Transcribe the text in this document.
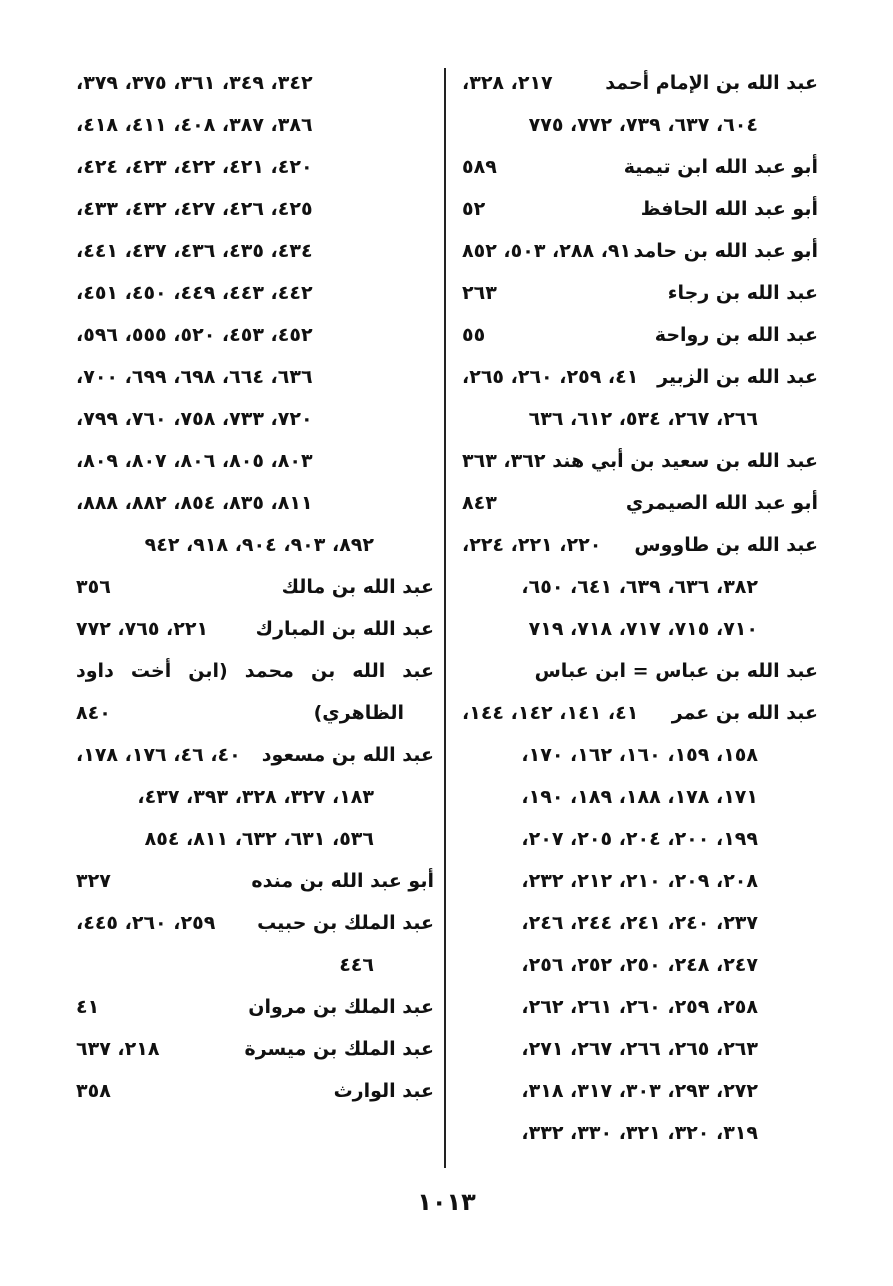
عبد الله بن الإمام أحمد
٢١٧، ٣٢٨،
٦٠٤، ٦٣٧، ٧٣٩، ٧٧٢، ٧٧٥
أبو عبد الله ابن تيمية
٥٨٩
أبو عبد الله الحافظ
٥٢
أبو عبد الله بن حامد
٩١، ٢٨٨، ٥٠٣، ٨٥٢
عبد الله بن رجاء
٢٦٣
عبد الله بن رواحة
٥٥
عبد الله بن الزبير
٤١، ٢٥٩، ٢٦٠، ٢٦٥،
٢٦٦، ٢٦٧، ٥٣٤، ٦١٢، ٦٣٦
عبد الله بن سعيد بن أبي هند
٣٦٢، ٣٦٣
أبو عبد الله الصيمري
٨٤٣
عبد الله بن طاووس
٢٢٠، ٢٢١، ٢٢٤،
٣٨٢، ٦٣٦، ٦٣٩، ٦٤١، ٦٥٠،
٧١٠، ٧١٥، ٧١٧، ٧١٨، ٧١٩
عبد الله بن عباس = ابن عباس
عبد الله بن عمر
٤١، ١٤١، ١٤٢، ١٤٤،
١٥٨، ١٥٩، ١٦٠، ١٦٢، ١٧٠،
١٧١، ١٧٨، ١٨٨، ١٨٩، ١٩٠،
١٩٩، ٢٠٠، ٢٠٤، ٢٠٥، ٢٠٧،
٢٠٨، ٢٠٩، ٢١٠، ٢١٢، ٢٣٢،
٢٣٧، ٢٤٠، ٢٤١، ٢٤٤، ٢٤٦،
٢٤٧، ٢٤٨، ٢٥٠، ٢٥٢، ٢٥٦،
٢٥٨، ٢٥٩، ٢٦٠، ٢٦١، ٢٦٢،
٢٦٣، ٢٦٥، ٢٦٦، ٢٦٧، ٢٧١،
٢٧٢، ٢٩٣، ٣٠٣، ٣١٧، ٣١٨،
٣١٩، ٣٢٠، ٣٢١، ٣٣٠، ٣٣٢،
٣٤٢، ٣٤٩، ٣٦١، ٣٧٥، ٣٧٩،
٣٨٦، ٣٨٧، ٤٠٨، ٤١١، ٤١٨،
٤٢٠، ٤٢١، ٤٢٢، ٤٢٣، ٤٢٤،
٤٢٥، ٤٢٦، ٤٢٧، ٤٣٢، ٤٣٣،
٤٣٤، ٤٣٥، ٤٣٦، ٤٣٧، ٤٤١،
٤٤٢، ٤٤٣، ٤٤٩، ٤٥٠، ٤٥١،
٤٥٢، ٤٥٣، ٥٢٠، ٥٥٥، ٥٩٦،
٦٣٦، ٦٦٤، ٦٩٨، ٦٩٩، ٧٠٠،
٧٢٠، ٧٣٣، ٧٥٨، ٧٦٠، ٧٩٩،
٨٠٣، ٨٠٥، ٨٠٦، ٨٠٧، ٨٠٩،
٨١١، ٨٣٥، ٨٥٤، ٨٨٢، ٨٨٨،
٨٩٢، ٩٠٣، ٩٠٤، ٩١٨، ٩٤٢
عبد الله بن مالك
٣٥٦
عبد الله بن المبارك
٢٢١، ٧٦٥، ٧٧٢
عبد الله بن محمد (ابن أخت داود
الظاهري)
٨٤٠
عبد الله بن مسعود
٤٠، ٤٦، ١٧٦، ١٧٨،
١٨٣، ٣٢٧، ٣٢٨، ٣٩٣، ٤٣٧،
٥٣٦، ٦٣١، ٦٣٢، ٨١١، ٨٥٤
أبو عبد الله بن منده
٣٢٧
عبد الملك بن حبيب
٢٥٩، ٢٦٠، ٤٤٥،
٤٤٦
عبد الملك بن مروان
٤١
عبد الملك بن ميسرة
٢١٨، ٦٣٧
عبد الوارث
٣٥٨
١٠١٣
